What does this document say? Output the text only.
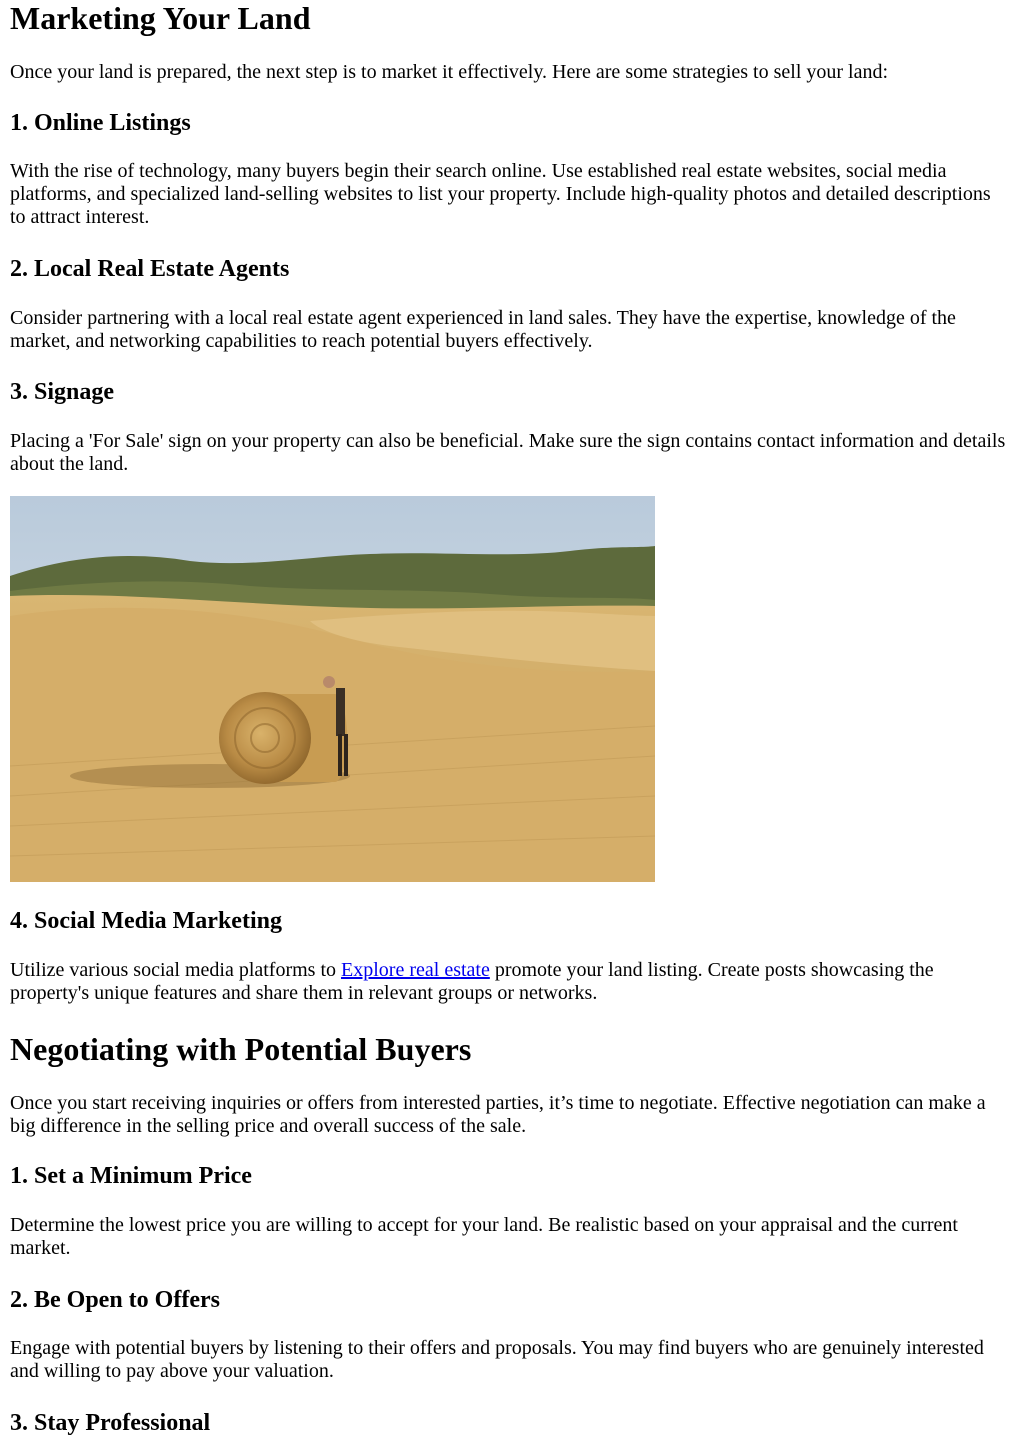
Marketing Your Land

Once your land is prepared, the next step is to market it effectively. Here are some strategies to sell your land:

1. Online Listings

With the rise of technology, many buyers begin their search online. Use established real estate websites, social media platforms, and specialized land-selling websites to list your property. Include high-quality photos and detailed descriptions to attract interest.

2. Local Real Estate Agents

Consider partnering with a local real estate agent experienced in land sales. They have the expertise, knowledge of the market, and networking capabilities to reach potential buyers effectively.

3. Signage

Placing a 'For Sale' sign on your property can also be beneficial. Make sure the sign contains contact information and details about the land.

4. Social Media Marketing

Utilize various social media platforms to Explore real estate promote your land listing. Create posts showcasing the property's unique features and share them in relevant groups or networks.

Negotiating with Potential Buyers

Once you start receiving inquiries or offers from interested parties, it’s time to negotiate. Effective negotiation can make a big difference in the selling price and overall success of the sale.

1. Set a Minimum Price

Determine the lowest price you are willing to accept for your land. Be realistic based on your appraisal and the current market.

2. Be Open to Offers

Engage with potential buyers by listening to their offers and proposals. You may find buyers who are genuinely interested and willing to pay above your valuation.

3. Stay Professional
